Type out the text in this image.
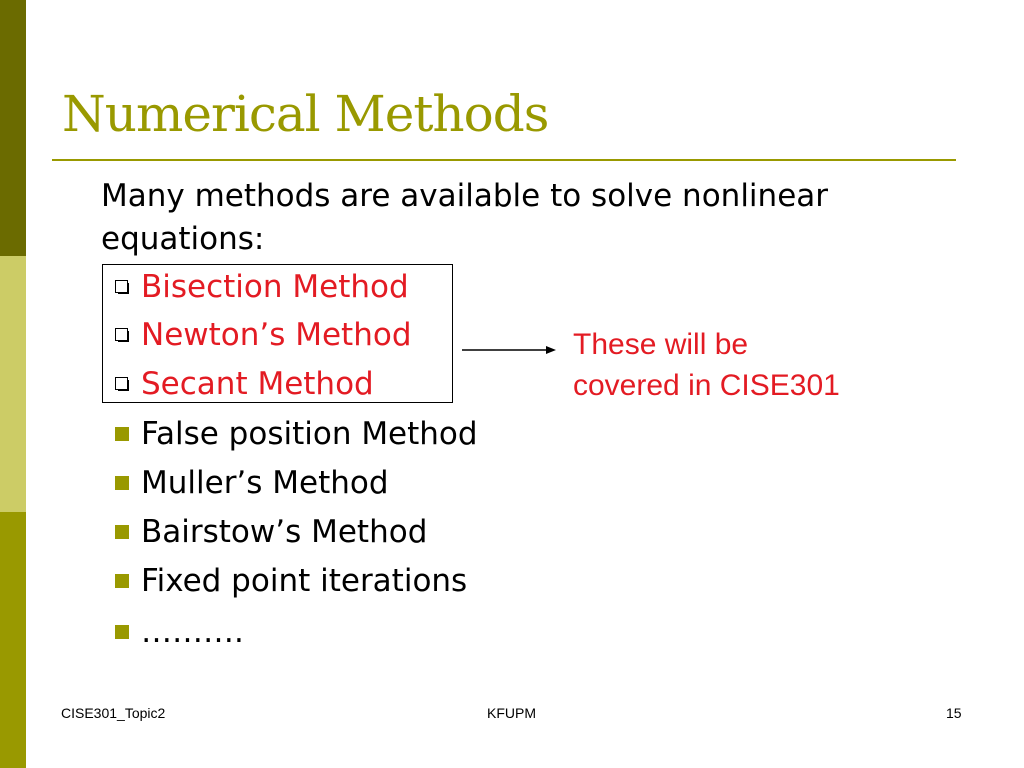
Numerical Methods
Many methods are available to solve nonlinear equations:
Bisection Method
Newton’s Method
Secant Method
False position Method
Muller’s Method
Bairstow’s Method
Fixed point iterations
……….
These will be
covered in CISE301
CISE301_Topic2	KFUPM	15
